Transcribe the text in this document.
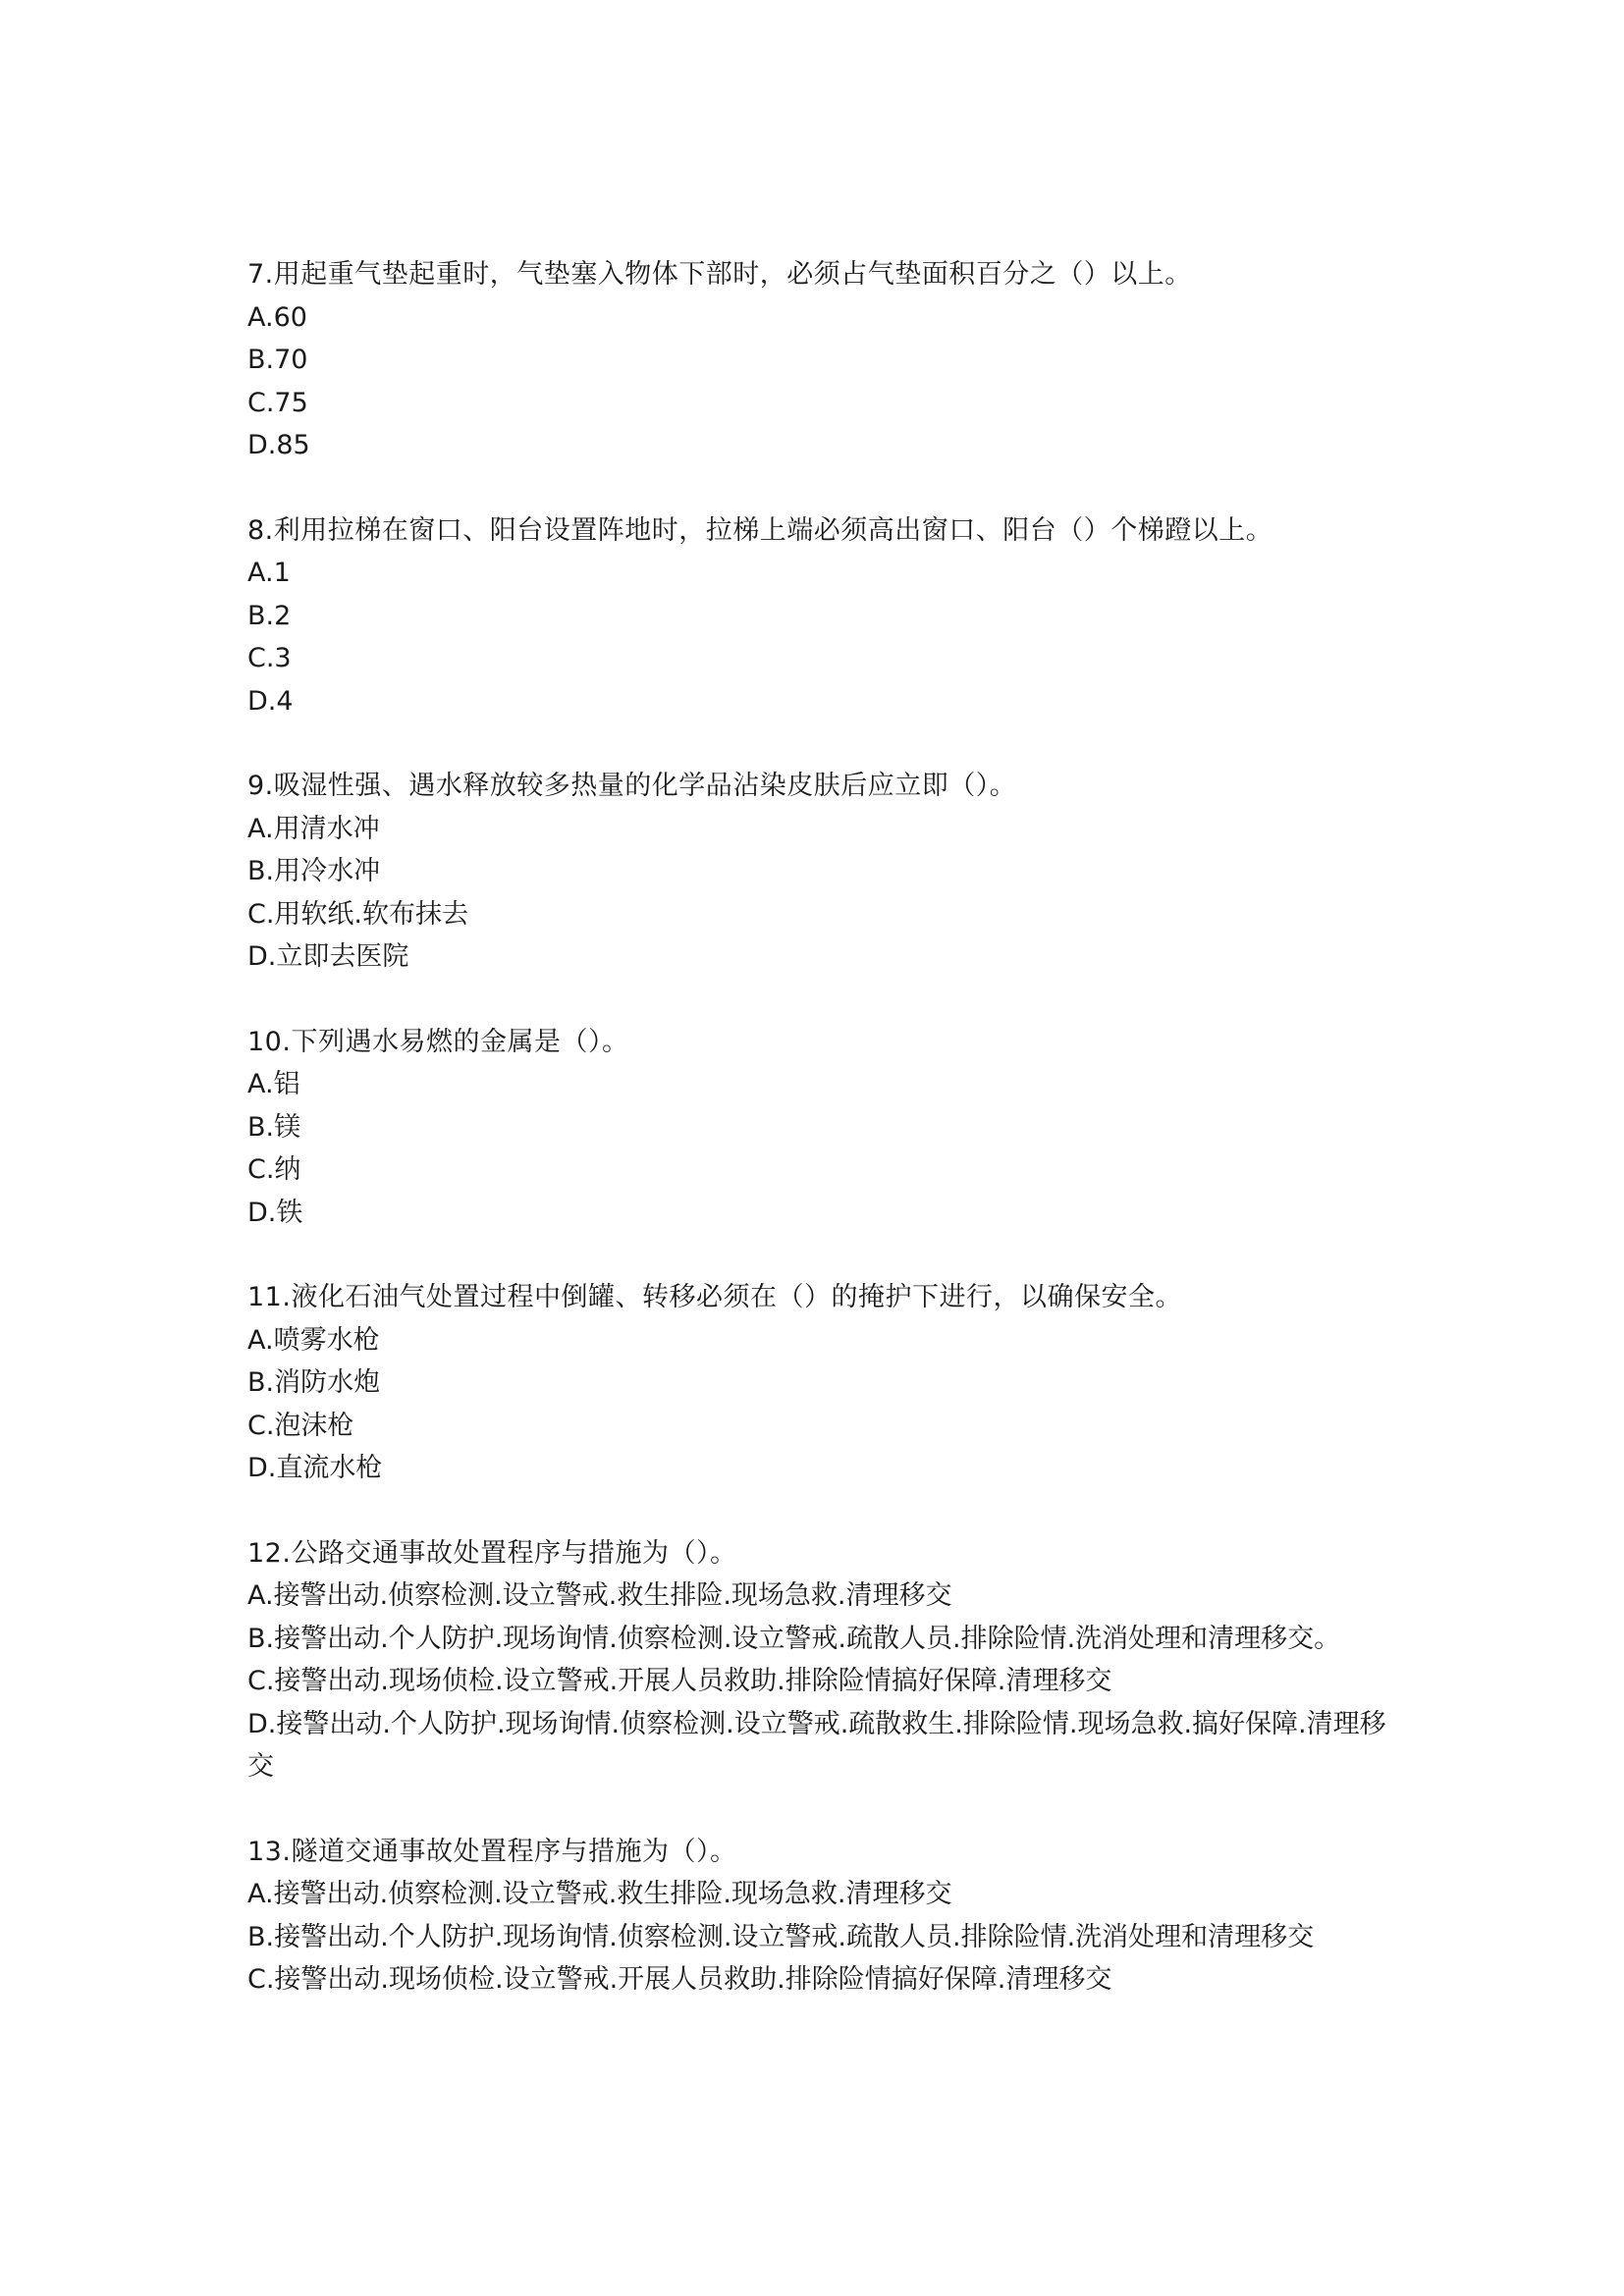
7.用起重气垫起重时，气垫塞入物体下部时，必须占气垫面积百分之（）以上。

A.60

B.70

C.75

D.85

8.利用拉梯在窗口、阳台设置阵地时，拉梯上端必须高出窗口、阳台（）个梯蹬以上。

A.1

B.2

C.3

D.4

9.吸湿性强、遇水释放较多热量的化学品沾染皮肤后应立即（）。

A.用清水冲

B.用冷水冲

C.用软纸.软布抹去

D.立即去医院

10.下列遇水易燃的金属是（）。

A.铝

B.镁

C.纳

D.铁

11.液化石油气处置过程中倒罐、转移必须在（）的掩护下进行，以确保安全。

A.喷雾水枪

B.消防水炮

C.泡沫枪

D.直流水枪

12.公路交通事故处置程序与措施为（）。

A.接警出动.侦察检测.设立警戒.救生排险.现场急救.清理移交

B.接警出动.个人防护.现场询情.侦察检测.设立警戒.疏散人员.排除险情.洗消处理和清理移交。

C.接警出动.现场侦检.设立警戒.开展人员救助.排除险情搞好保障.清理移交

D.接警出动.个人防护.现场询情.侦察检测.设立警戒.疏散救生.排除险情.现场急救.搞好保障.清理移交

13.隧道交通事故处置程序与措施为（）。

A.接警出动.侦察检测.设立警戒.救生排险.现场急救.清理移交

B.接警出动.个人防护.现场询情.侦察检测.设立警戒.疏散人员.排除险情.洗消处理和清理移交

C.接警出动.现场侦检.设立警戒.开展人员救助.排除险情搞好保障.清理移交
